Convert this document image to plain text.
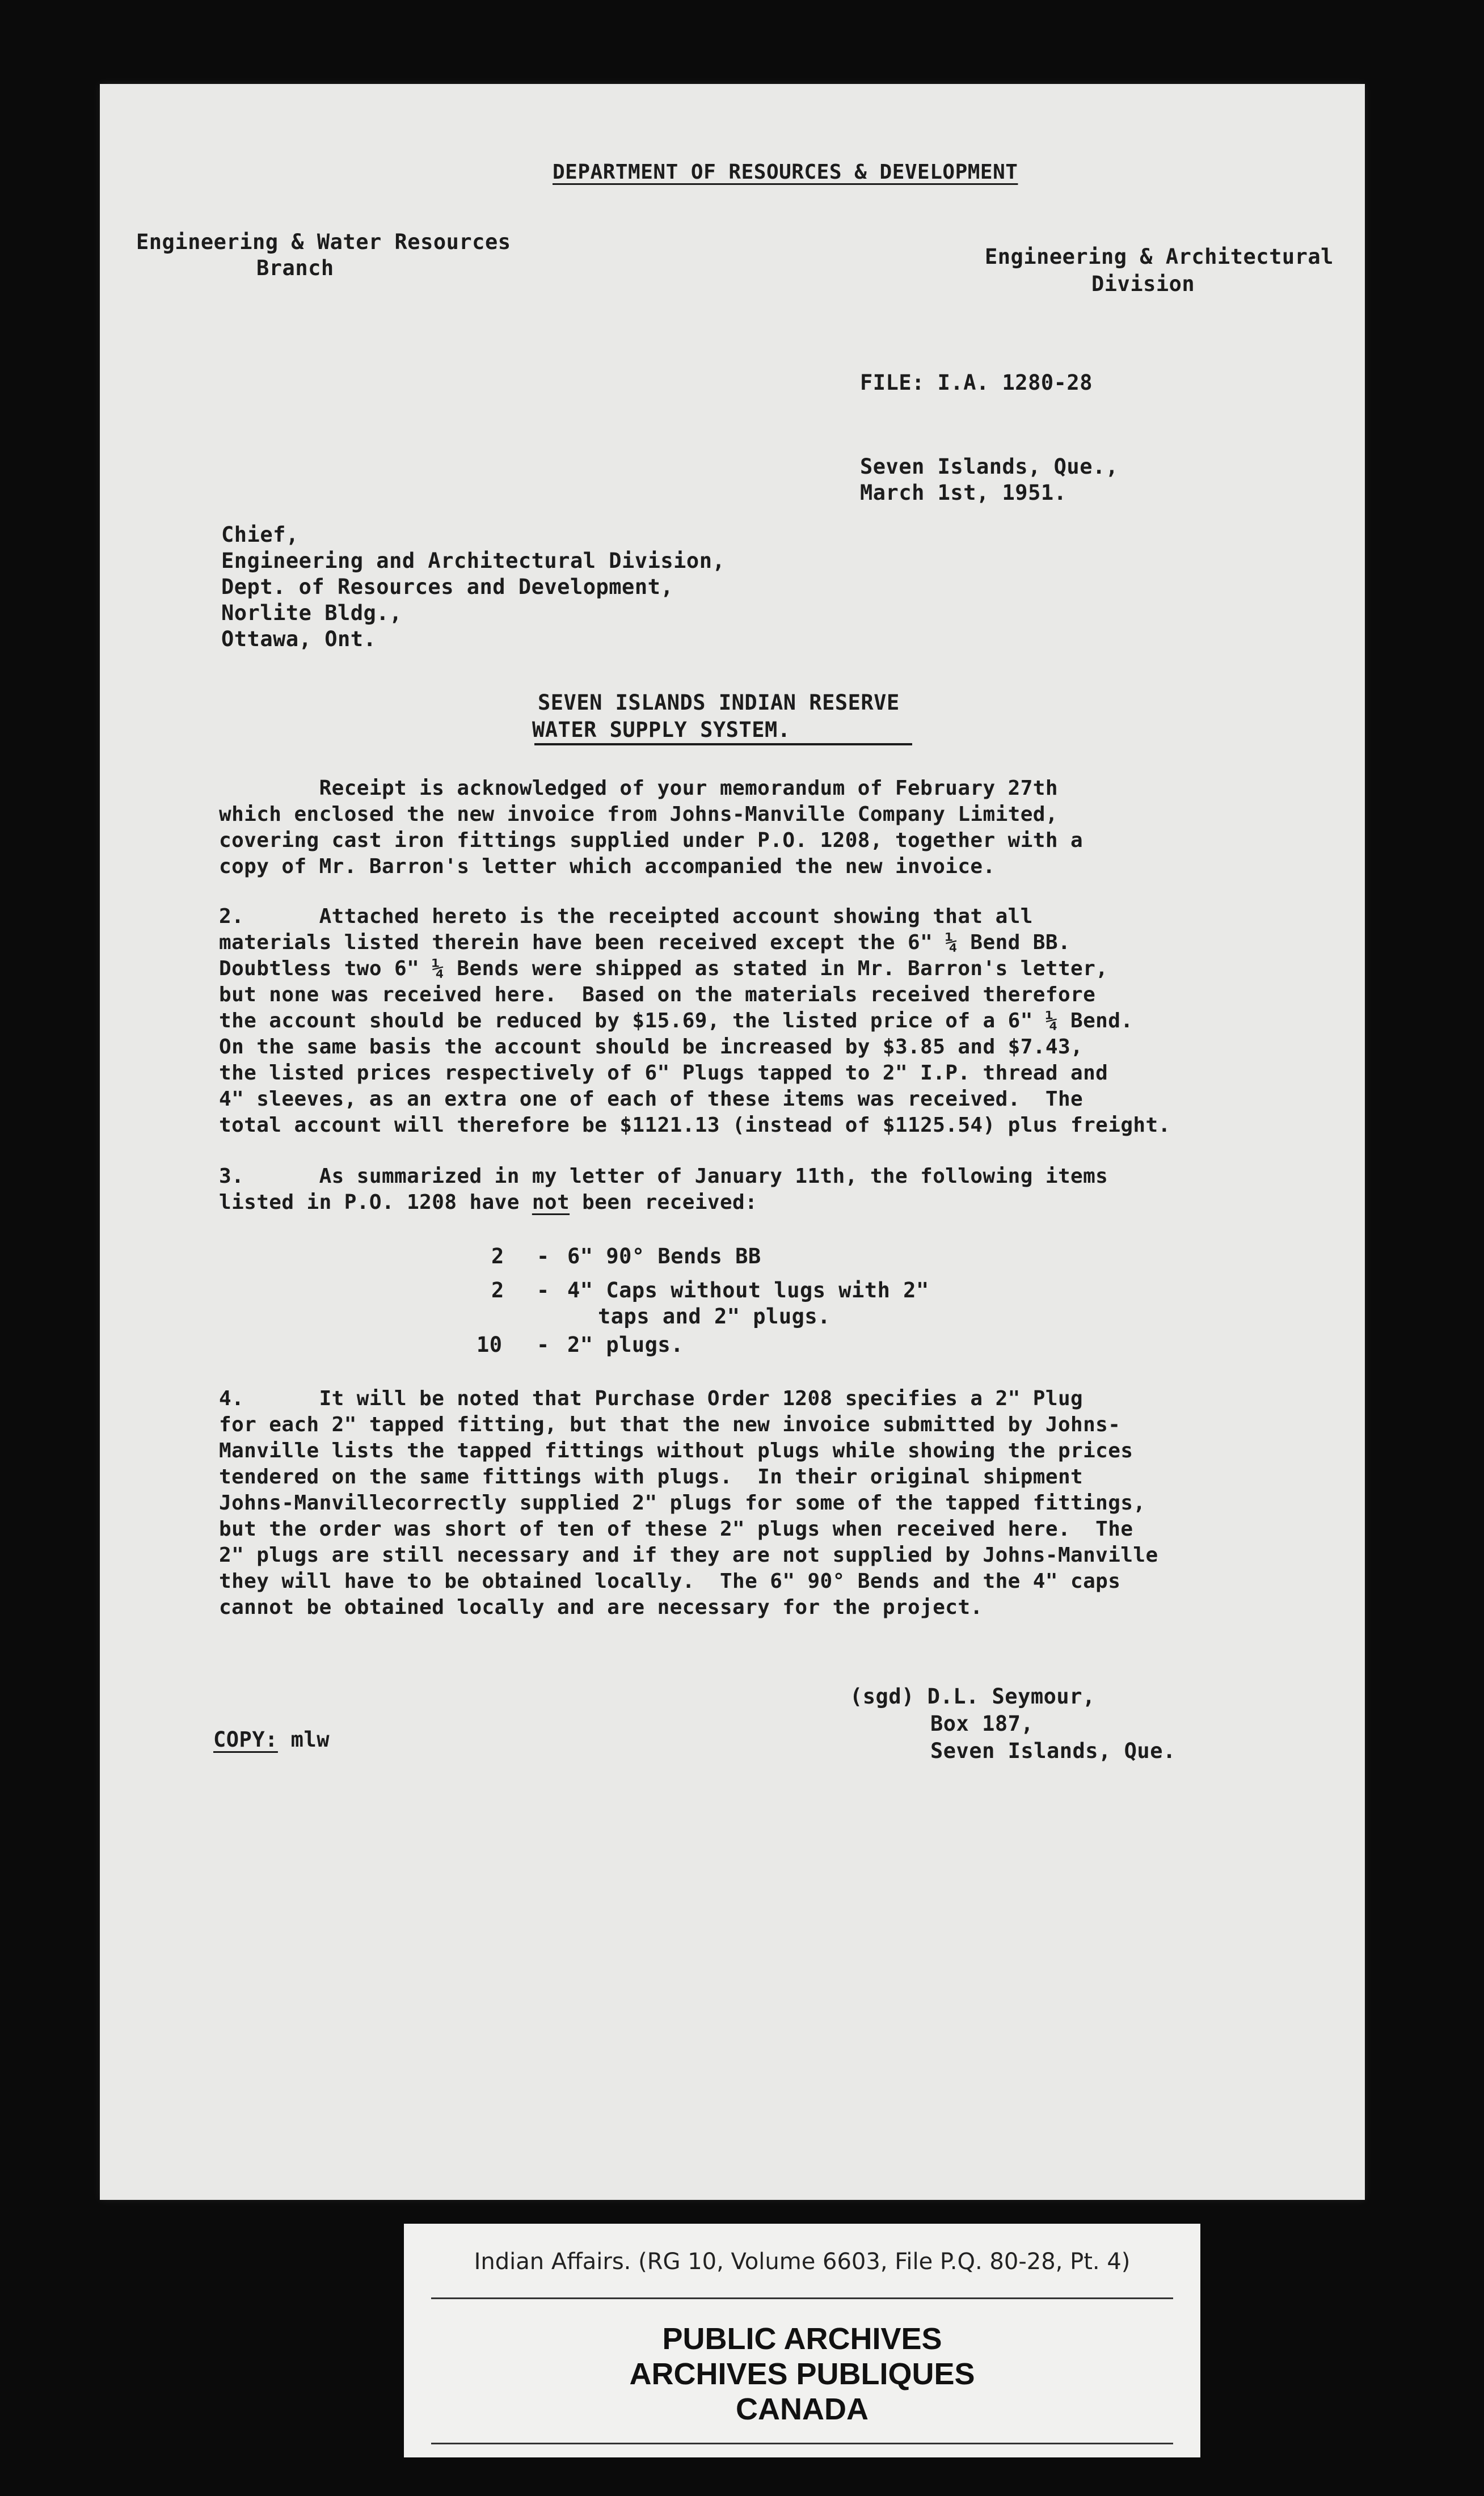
DEPARTMENT OF RESOURCES & DEVELOPMENT
Engineering & Water Resources
Branch	Engineering & Architectural
Division
FILE: I.A. 1280-28
Seven Islands, Que.,
March 1st, 1951.
Chief,
Engineering and Architectural Division,
Dept. of Resources and Development,
Norlite Bldg.,
Ottawa, Ont.
SEVEN ISLANDS INDIAN RESERVE
WATER SUPPLY SYSTEM.
Receipt is acknowledged of your memorandum of February 27th
which enclosed the new invoice from Johns-Manville Company Limited,
covering cast iron fittings supplied under P.O. 1208, together with a
copy of Mr. Barron's letter which accompanied the new invoice.
2.      Attached hereto is the receipted account showing that all
materials listed therein have been received except the 6" ¼ Bend BB.
Doubtless two 6" ¼ Bends were shipped as stated in Mr. Barron's letter,
but none was received here.  Based on the materials received therefore
the account should be reduced by $15.69, the listed price of a 6" ¼ Bend.
On the same basis the account should be increased by $3.85 and $7.43,
the listed prices respectively of 6" Plugs tapped to 2" I.P. thread and
4" sleeves, as an extra one of each of these items was received.  The
total account will therefore be $1121.13 (instead of $1125.54) plus freight.
3.      As summarized in my letter of January 11th, the following items
listed in P.O. 1208 have not been received:
2 - 6" 90° Bends BB
2 - 4" Caps without lugs with 2"
taps and 2" plugs.
10 - 2" plugs.
4.      It will be noted that Purchase Order 1208 specifies a 2" Plug
for each 2" tapped fitting, but that the new invoice submitted by Johns-
Manville lists the tapped fittings without plugs while showing the prices
tendered on the same fittings with plugs.  In their original shipment
Johns-Manvillecorrectly supplied 2" plugs for some of the tapped fittings,
but the order was short of ten of these 2" plugs when received here.  The
2" plugs are still necessary and if they are not supplied by Johns-Manville
they will have to be obtained locally.  The 6" 90° Bends and the 4" caps
cannot be obtained locally and are necessary for the project.
(sgd) D.L. Seymour,
Box 187,
Seven Islands, Que.
COPY: mlw
Indian Affairs. (RG 10, Volume 6603, File P.Q. 80-28, Pt. 4)
PUBLIC ARCHIVES
ARCHIVES PUBLIQUES
CANADA
